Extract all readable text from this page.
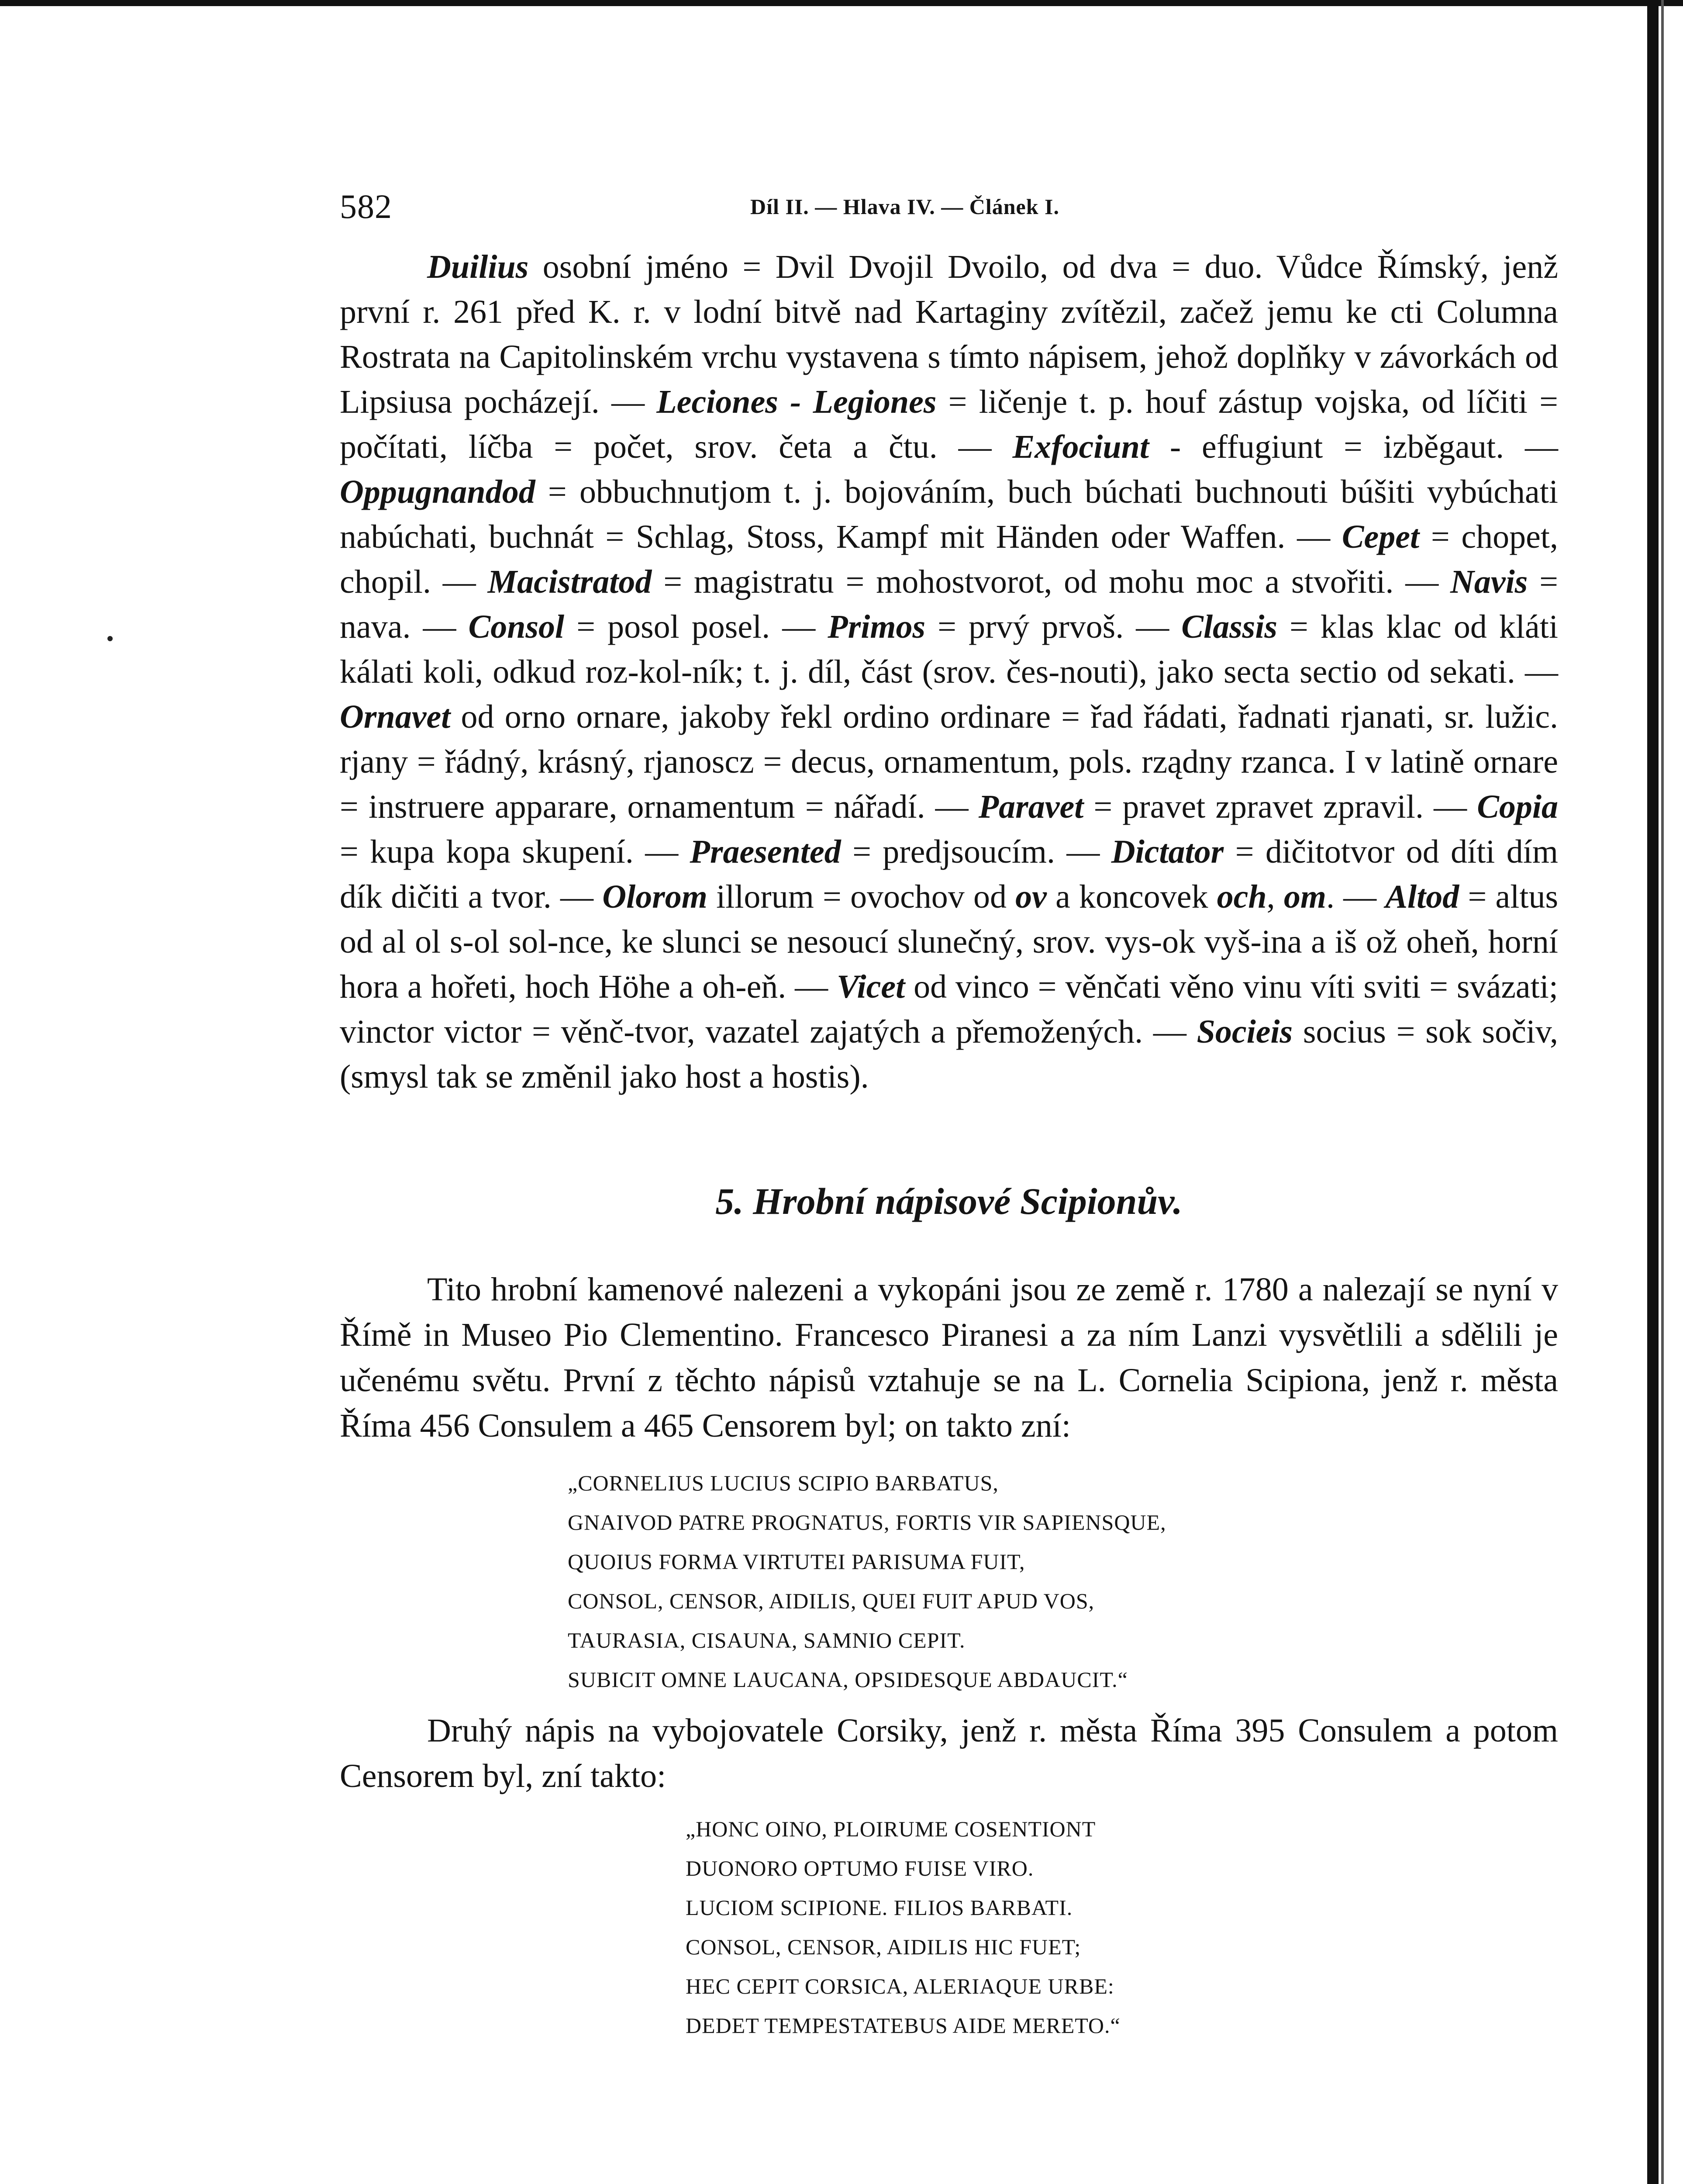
582	Díl II. — Hlava IV. — Článek I.

Duilius osobní jméno = Dvil Dvojil Dvoilo, od dva = duo. Vůdce Římský, jenž první r. 261 před K. r. v lodní bitvě nad Kartaginy zvítězil, začež jemu ke cti Columna Rostrata na Capitolinském vrchu vystavena s tímto nápisem, jehož doplňky v závorkách od Lipsiusa pocházejí. — Leciones - Legiones = ličenje t. p. houf zástup vojska, od líčiti = počítati, líčba = počet, srov. četa a čtu. — Exfociunt - effugiunt = izběgaut. — Oppugnandod = obbuchnutjom t. j. bojováním, buch búchati buchnouti búšiti vybúchati nabúchati, buchnát = Schlag, Stoss, Kampf mit Händen oder Waffen. — Cepet = chopet, chopil. — Macistratod = magistratu = mohostvorot, od mohu moc a stvořiti. — Navis = nava. — Consol = posol posel. — Primos = prvý prvoš. — Classis = klas klac od kláti kálati koli, odkud roz-kol-ník; t. j. díl, část (srov. čes-nouti), jako secta sectio od sekati. — Ornavet od orno ornare, jakoby řekl ordino ordinare = řad řádati, řadnati rjanati, sr. lužic. rjany = řádný, krásný, rjanoscz = decus, ornamentum, pols. rządny rzanca. I v latině ornare = instruere apparare, ornamentum = nářadí. — Paravet = pravet zpravet zpravil. — Copia = kupa kopa skupení. — Praesented = predjsoucím. — Dictator = dičitotvor od díti dím dík dičiti a tvor. — Olorom illorum = ovochov od ov a koncovek och, om. — Altod = altus od al ol s-ol sol-nce, ke slunci se nesoucí slunečný, srov. vys-ok vyš-ina a iš ož oheň, horní hora a hořeti, hoch Höhe a oh-eň. — Vicet od vinco = věnčati věno vinu víti sviti = svázati; vinctor victor = věnč-tvor, vazatel zajatých a přemožených. — Socieis socius = sok sočiv, (smysl tak se změnil jako host a hostis).

5. Hrobní nápisové Scipionův.

Tito hrobní kamenové nalezeni a vykopáni jsou ze země r. 1780 a nalezají se nyní v Římě in Museo Pio Clementino. Francesco Piranesi a za ním Lanzi vysvětlili a sdělili je učenému světu. První z těchto nápisů vztahuje se na L. Cornelia Scipiona, jenž r. města Říma 456 Consulem a 465 Censorem byl; on takto zní:

„CORNELIUS LUCIUS SCIPIO BARBATUS,
GNAIVOD PATRE PROGNATUS, FORTIS VIR SAPIENSQUE,
QUOIUS FORMA VIRTUTEI PARISUMA FUIT,
CONSOL, CENSOR, AIDILIS, QUEI FUIT APUD VOS,
TAURASIA, CISAUNA, SAMNIO CEPIT.
SUBICIT OMNE LAUCANA, OPSIDESQUE ABDAUCIT.“

Druhý nápis na vybojovatele Corsiky, jenž r. města Říma 395 Consulem a potom Censorem byl, zní takto:

„HONC OINO, PLOIRUME COSENTIONT
DUONORO OPTUMO FUISE VIRO.
LUCIOM SCIPIONE. FILIOS BARBATI.
CONSOL, CENSOR, AIDILIS HIC FUET;
HEC CEPIT CORSICA, ALERIAQUE URBE:
DEDET TEMPESTATEBUS AIDE MERETO.“
